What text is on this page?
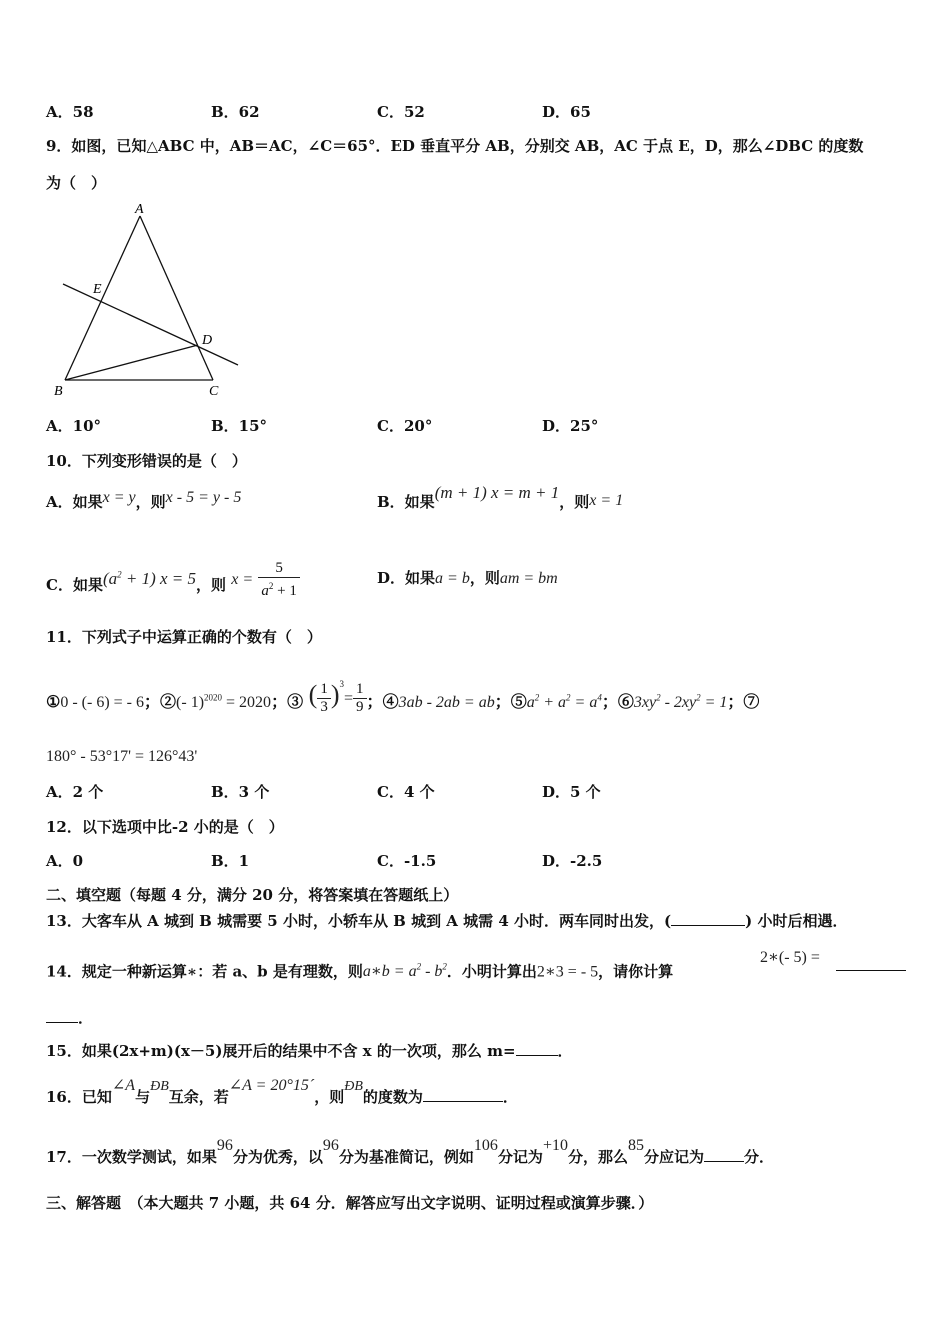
A．58	B．62	C．52	D．65
9．如图，已知△ABC 中，AB＝AC，∠C＝65°．ED 垂直平分 AB，分别交 AB，AC 于点 E，D，那么∠DBC 的度数
为（　）
A
E
D
B	C
A．10°	B．15°	C．20°	D．25°
10．下列变形错误的是（　）
A．如果x = y，则x - 5 = y - 5	B．如果(m + 1) x = m + 1，则x = 1
C．如果$(a^2 + 1) x = 5$，则 $x = \frac{5}{a^2 + 1}$	D．如果a = b，则am = bm
11．下列式子中运算正确的个数有（　）
①0 - (- 6) = - 6；②(- 1)$^{2020}$ = 2020；③ ( $\frac{1}{3} )^3= \frac{1}{9}$ ；④3ab - 2ab = ab；$⑤a^2 + a^2 = a^4$；$⑥3xy^2 - 2xy^2 = 1$；⑦
180° - 53°17' = 126°43'
A．2 个	B．3 个	C．4 个	D．5 个
12．以下选项中比-2 小的是（　）
A．0	B．1	C．-1.5	D．-2.5
二、填空题（每题 4 分，满分 20 分，将答案填在答题纸上）
13．大客车从 A 城到 B 城需要 5 小时，小轿车从 B 城到 A 城需 4 小时．两车同时出发，(	) 小时后相遇．
14．规定一种新运算∗：若 a、b 是有理数，则a∗b = $a^2 - b^2$．小明计算出2∗3 = - 5，请你计算
2∗(- 5) =
．
15．如果(2x+m)(x－5)展开后的结果中不含 x 的一次项，那么 m=	．
16．已知∠A与ÐB互余，若∠A = 20°15´，则ÐB的度数为	．
17．一次数学测试，如果96分为优秀，以96分为基准简记，例如106分记为+10分，那么85分应记为	分．
三、解答题　（本大题共 7 小题，共 64 分．解答应写出文字说明、证明过程或演算步骤．）
